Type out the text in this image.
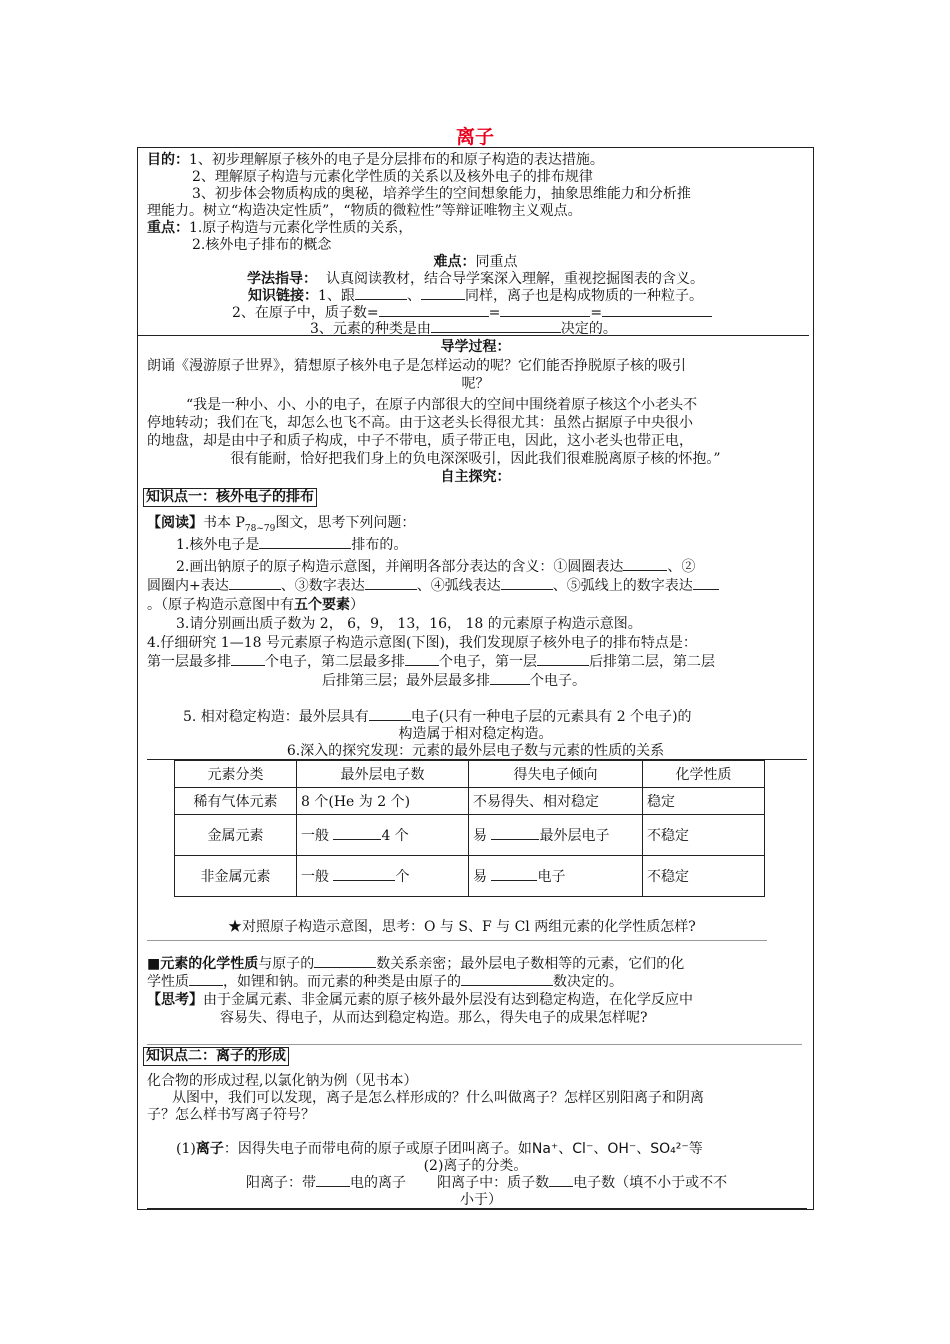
离子
目的：1、初步理解原子核外的电子是分层排布的和原子构造的表达措施。
2、理解原子构造与元素化学性质的关系以及核外电子的排布规律
3、初步体会物质构成的奥秘，培养学生的空间想象能力，抽象思维能力和分析推
理能力。树立“构造决定性质”，“物质的微粒性”等辩证唯物主义观点。
重点：1.原子构造与元素化学性质的关系，
2.核外电子排布的概念
难点：同重点
学法指导： 认真阅读教材，结合导学案深入理解，重视挖掘图表的含义。
知识链接：1、跟	、	同样，离子也是构成物质的一种粒子。
2、在原子中，质子数=	=	=
3、元素的种类是由	决定的。
导学过程：
朗诵《漫游原子世界》，猜想原子核外电子是怎样运动的呢？它们能否挣脱原子核的吸引
呢？
“我是一种小、小、小的电子，在原子内部很大的空间中围绕着原子核这个小老头不
停地转动；我们在飞，却怎么也飞不高。由于这老头长得很尤其：虽然占据原子中央很小
的地盘，却是由中子和质子构成，中子不带电，质子带正电，因此，这小老头也带正电，
很有能耐，恰好把我们身上的负电深深吸引，因此我们很难脱离原子核的怀抱。”
自主探究：
知识点一：核外电子的排布
【阅读】书本 $P_{78\sim 79}$图文，思考下列问题：
1.核外电子是	排布的。
2.画出钠原子的原子构造示意图，并阐明各部分表达的含义：①圆圈表达	、②
圆圈内+表达	、③数字表达	、④弧线表达	、⑤弧线上的数字表达
。（原子构造示意图中有五个要素）
3.请分别画出质子数为 2， 6，9， 13，16， 18 的元素原子构造示意图。
4.仔细研究 1—18 号元素原子构造示意图(下图)，我们发现原子核外电子的排布特点是：
第一层最多排 个电子，第二层最多排 个电子，第一层	后排第二层，第二层
后排第三层；最外层最多排	个电子。
5. 相对稳定构造：最外层具有	电子(只有一种电子层的元素具有 2 个电子)的
构造属于相对稳定构造。
6.深入的探究发现：元素的最外层电子数与元素的性质的关系
元素分类	最外层电子数	得失电子倾向	化学性质
稀有气体元素	8 个(He 为 2 个)	不易得失、相对稳定	稳定
金属元素	一般 4 个	易 最外层电子	不稳定
非金属元素	一般 个	易 电子	不稳定
★对照原子构造示意图，思考：O 与 S、F 与 Cl 两组元素的化学性质怎样?
■元素的化学性质与原子的	数关系亲密；最外层电子数相等的元素，它们的化
学性质 ，如锂和钠。而元素的种类是由原子的	数决定的。
【思考】由于金属元素、非金属元素的原子核外最外层没有达到稳定构造，在化学反应中
容易失、得电子，从而达到稳定构造。那么，得失电子的成果怎样呢?
知识点二：离子的形成
化合物的形成过程,以氯化钠为例（见书本）
从图中，我们可以发现，离子是怎么样形成的？什么叫做离子？怎样区别阳离子和阴离
子？怎么样书写离子符号？
(1)离子：因得失电子而带电荷的原子或原子团叫离子。如Na⁺、Cl⁻、OH⁻、SO₄²⁻等
(2)离子的分类。
阳离子：带 电的离子 阳离子中：质子数 电子数（填不小于或不不
小于）
